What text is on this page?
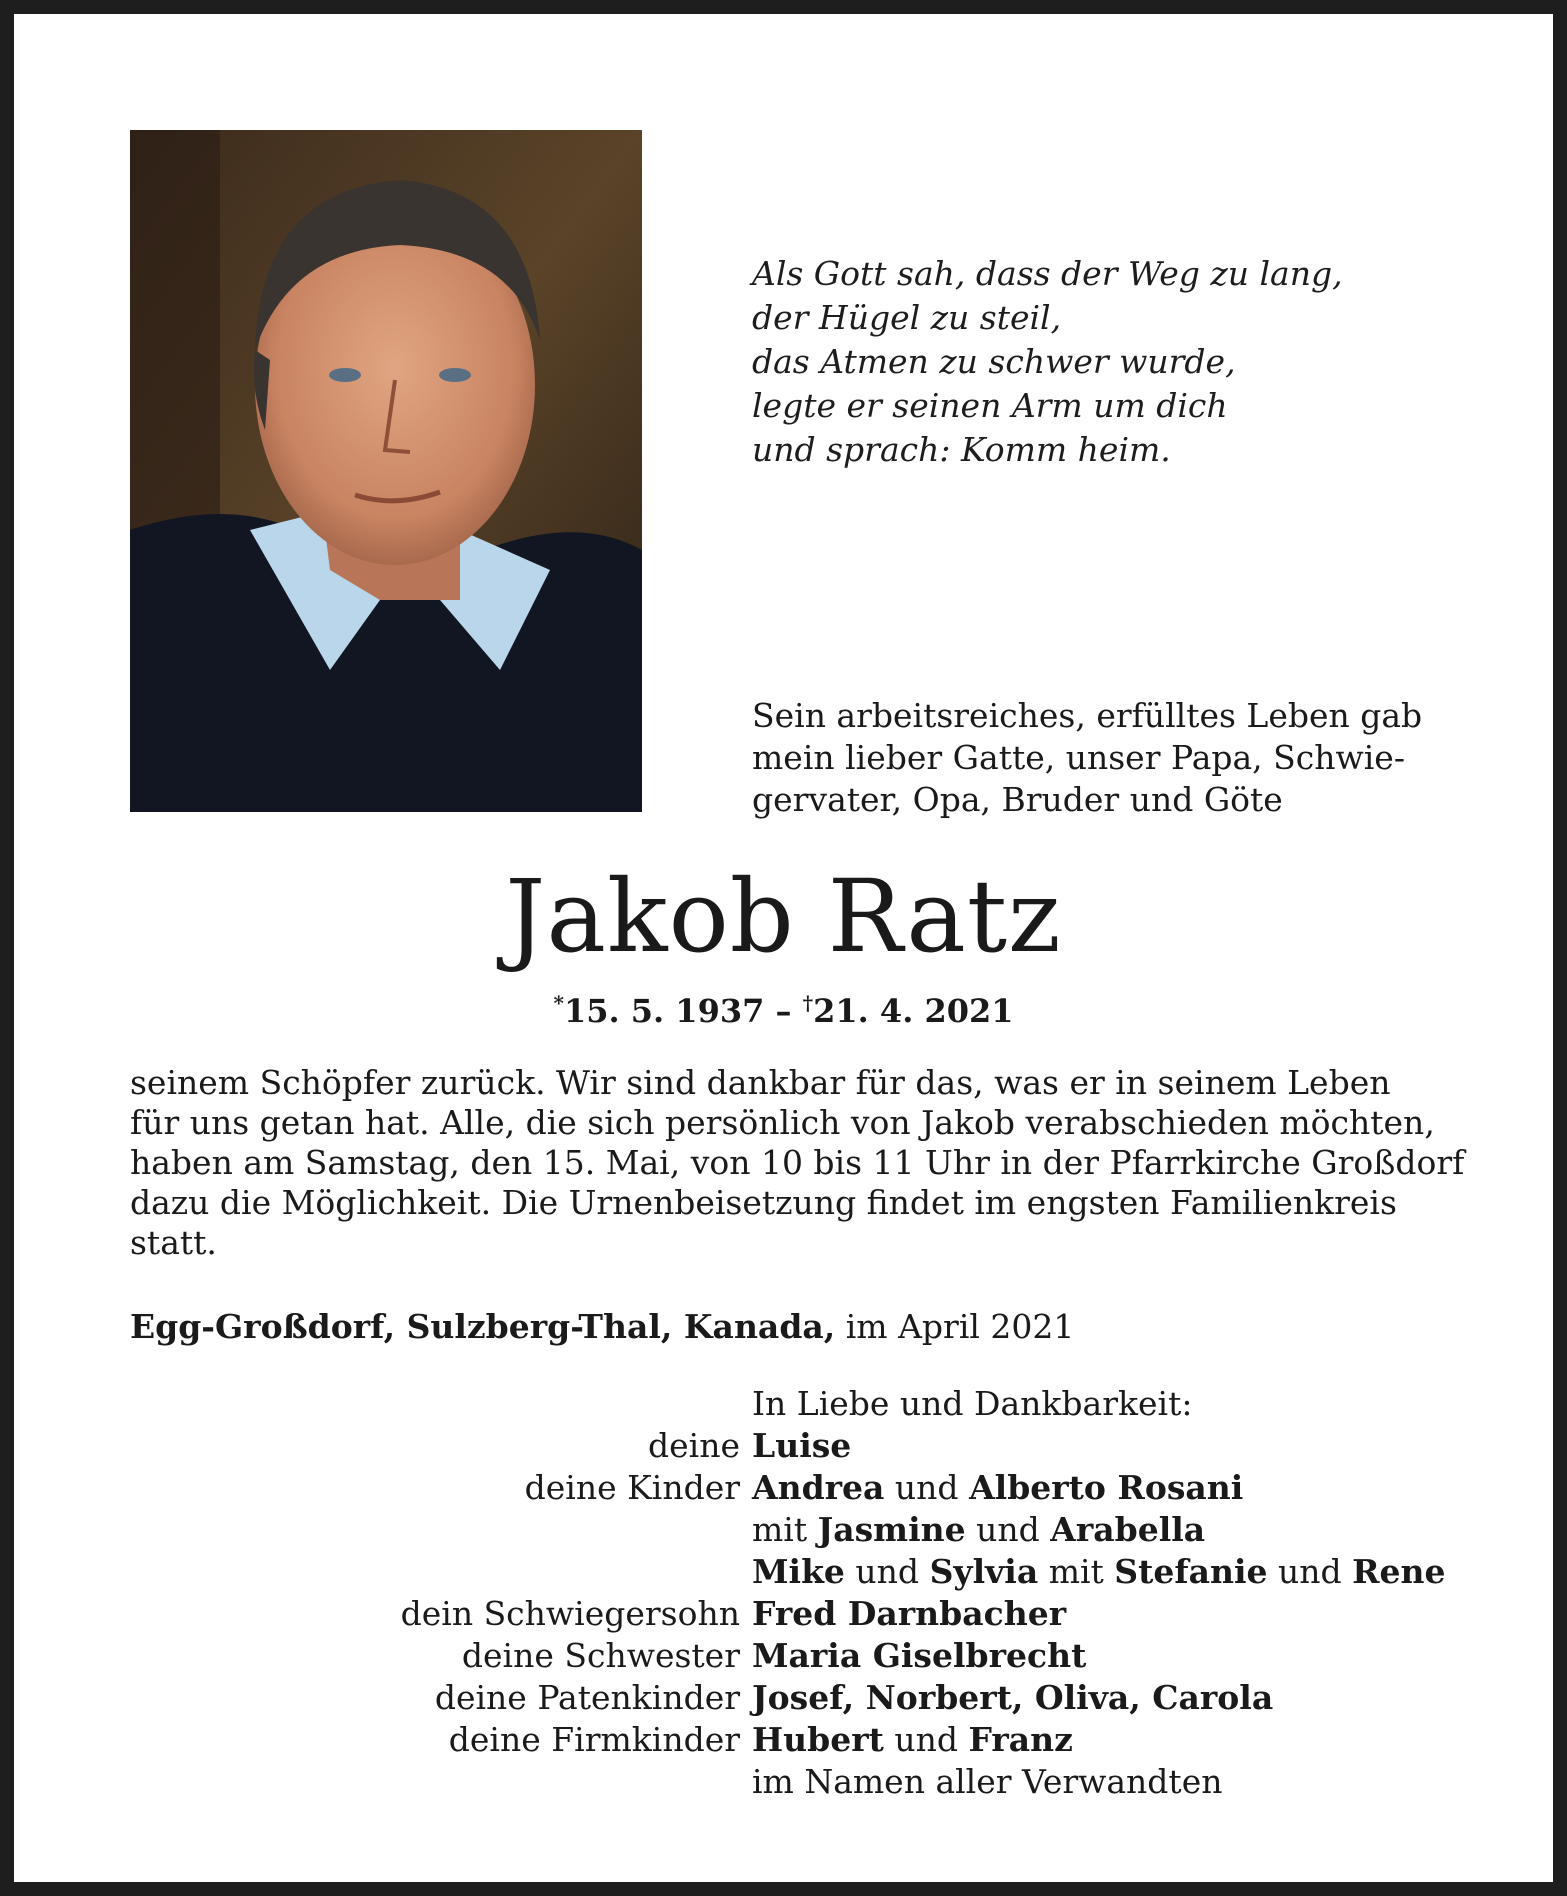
Als Gott sah, dass der Weg zu lang,
der Hügel zu steil,
das Atmen zu schwer wurde,
legte er seinen Arm um dich
und sprach: Komm heim.
Sein arbeitsreiches, erfülltes Leben gab
mein lieber Gatte, unser Papa, Schwie-
gervater, Opa, Bruder und Göte
Jakob Ratz
*15. 5. 1937 – †21. 4. 2021
seinem Schöpfer zurück. Wir sind dankbar für das, was er in seinem Leben
für uns getan hat. Alle, die sich persönlich von Jakob verabschieden möchten,
haben am Samstag, den 15. Mai, von 10 bis 11 Uhr in der Pfarrkirche Großdorf
dazu die Möglichkeit. Die Urnenbeisetzung findet im engsten Familienkreis
statt.
Egg-Großdorf, Sulzberg-Thal, Kanada, im April 2021
In Liebe und Dankbarkeit:
deine Luise
deine Kinder Andrea und Alberto Rosani
mit Jasmine und Arabella
Mike und Sylvia mit Stefanie und Rene
dein Schwiegersohn Fred Darnbacher
deine Schwester Maria Giselbrecht
deine Patenkinder Josef, Norbert, Oliva, Carola
deine Firmkinder Hubert und Franz
im Namen aller Verwandten
